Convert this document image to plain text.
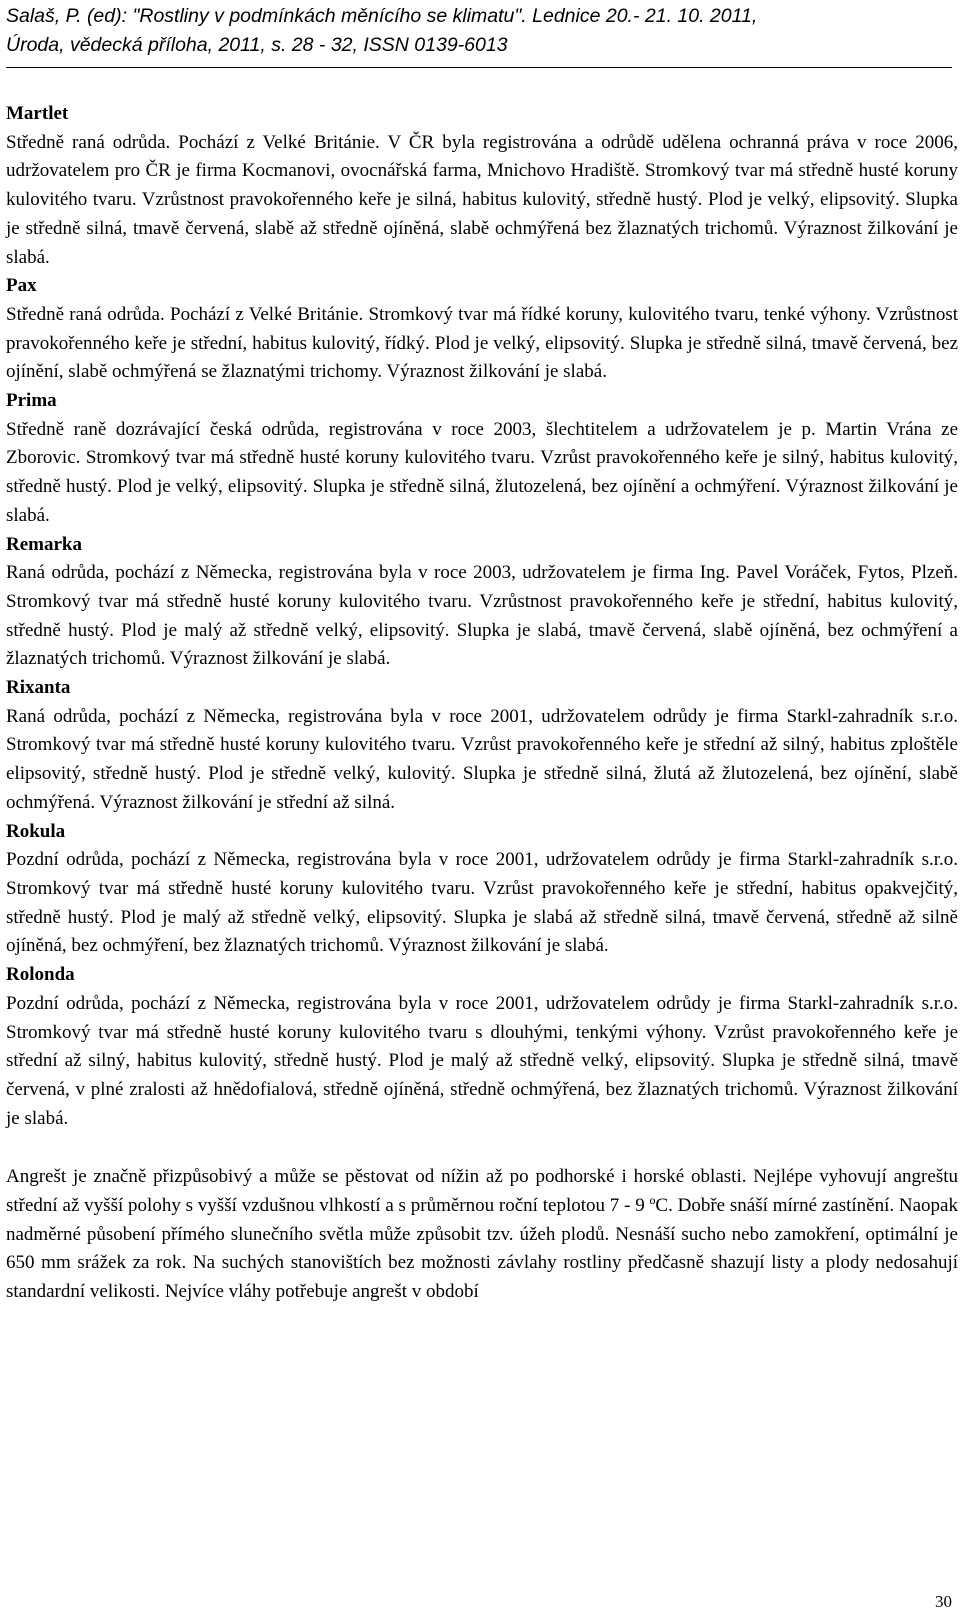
Salaš, P. (ed): "Rostliny v podmínkách měnícího se klimatu". Lednice 20.- 21. 10. 2011,
Úroda, vědecká příloha, 2011, s. 28 - 32, ISSN 0139-6013
Martlet

Středně raná odrůda. Pochází z Velké Británie. V ČR byla registrována a odrůdě udělena ochranná práva v roce 2006, udržovatelem pro ČR je firma Kocmanovi, ovocnářská farma, Mnichovo Hradiště. Stromkový tvar má středně husté koruny kulovitého tvaru. Vzrůstnost pravokořenného keře je silná, habitus kulovitý, středně hustý. Plod je velký, elipsovitý. Slupka je středně silná, tmavě červená, slabě až středně ojíněná, slabě ochmýřená bez žlaznatých trichomů. Výraznost žilkování je slabá.

Pax

Středně raná odrůda. Pochází z Velké Británie. Stromkový tvar má řídké koruny, kulovitého tvaru, tenké výhony. Vzrůstnost pravokořenného keře je střední, habitus kulovitý, řídký. Plod je velký, elipsovitý. Slupka je středně silná, tmavě červená, bez ojínění, slabě ochmýřená se žlaznatými trichomy. Výraznost žilkování je slabá.

Prima

Středně raně dozrávající česká odrůda, registrována v roce 2003, šlechtitelem a udržovatelem je p. Martin Vrána ze Zborovic. Stromkový tvar má středně husté koruny kulovitého tvaru. Vzrůst pravokořenného keře je silný, habitus kulovitý, středně hustý. Plod je velký, elipsovitý. Slupka je středně silná, žlutozelená, bez ojínění a ochmýření. Výraznost žilkování je slabá.

Remarka

Raná odrůda, pochází z Německa, registrována byla v roce 2003, udržovatelem je firma Ing. Pavel Voráček, Fytos, Plzeň. Stromkový tvar má středně husté koruny kulovitého tvaru. Vzrůstnost pravokořenného keře je střední, habitus kulovitý, středně hustý. Plod je malý až středně velký, elipsovitý. Slupka je slabá, tmavě červená, slabě ojíněná, bez ochmýření a žlaznatých trichomů. Výraznost žilkování je slabá.

Rixanta

Raná odrůda, pochází z Německa, registrována byla v roce 2001, udržovatelem odrůdy je firma Starkl-zahradník s.r.o. Stromkový tvar má středně husté koruny kulovitého tvaru. Vzrůst pravokořenného keře je střední až silný, habitus zploštěle elipsovitý, středně hustý. Plod je středně velký, kulovitý. Slupka je středně silná, žlutá až žlutozelená, bez ojínění, slabě ochmýřená. Výraznost žilkování je střední až silná.

Rokula

Pozdní odrůda, pochází z Německa, registrována byla v roce 2001, udržovatelem odrůdy je firma Starkl-zahradník s.r.o. Stromkový tvar má středně husté koruny kulovitého tvaru. Vzrůst pravokořenného keře je střední, habitus opakvejčitý, středně hustý. Plod je malý až středně velký, elipsovitý. Slupka je slabá až středně silná, tmavě červená, středně až silně ojíněná, bez ochmýření, bez žlaznatých trichomů. Výraznost žilkování je slabá.

Rolonda

Pozdní odrůda, pochází z Německa, registrována byla v roce 2001, udržovatelem odrůdy je firma Starkl-zahradník s.r.o. Stromkový tvar má středně husté koruny kulovitého tvaru s dlouhými, tenkými výhony. Vzrůst pravokořenného keře je střední až silný, habitus kulovitý, středně hustý. Plod je malý až středně velký, elipsovitý. Slupka je středně silná, tmavě červená, v plné zralosti až hnědofialová, středně ojíněná, středně ochmýřená, bez žlaznatých trichomů. Výraznost žilkování je slabá.

Angrešt je značně přizpůsobivý a může se pěstovat od nížin až po podhorské i horské oblasti. Nejlépe vyhovují angreštu střední až vyšší polohy s vyšší vzdušnou vlhkostí a s průměrnou roční teplotou 7 - 9 ºC. Dobře snáší mírné zastínění. Naopak nadměrné působení přímého slunečního světla může způsobit tzv. úžeh plodů. Nesnáší sucho nebo zamokření, optimální je 650 mm srážek za rok. Na suchých stanovištích bez možnosti závlahy rostliny předčasně shazují listy a plody nedosahují standardní velikosti. Nejvíce vláhy potřebuje angrešt v období

30
